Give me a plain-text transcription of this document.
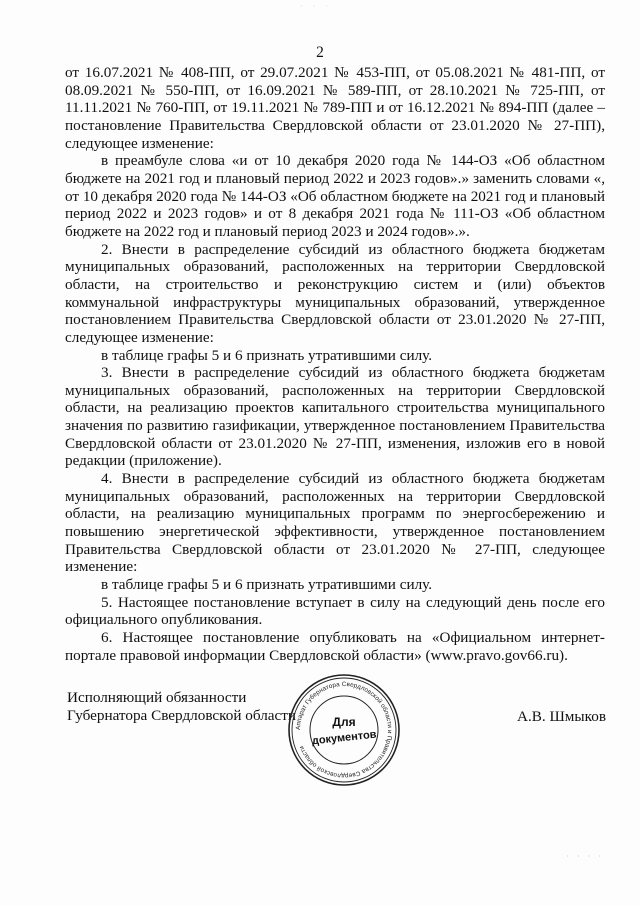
· · ·
2

от 16.07.2021 № 408-ПП, от 29.07.2021 № 453-ПП, от 05.08.2021 № 481-ПП, от 08.09.2021 № 550-ПП, от 16.09.2021 № 589-ПП, от 28.10.2021 № 725-ПП, от 11.11.2021 № 760-ПП, от 19.11.2021 № 789-ПП и от 16.12.2021 № 894-ПП (далее – постановление Правительства Свердловской области от 23.01.2020 № 27-ПП), следующее изменение:

в преамбуле слова «и от 10 декабря 2020 года № 144-ОЗ «Об областном бюджете на 2021 год и плановый период 2022 и 2023 годов».» заменить словами «, от 10 декабря 2020 года № 144-ОЗ «Об областном бюджете на 2021 год и плановый период 2022 и 2023 годов» и от 8 декабря 2021 года № 111-ОЗ «Об областном бюджете на 2022 год и плановый период 2023 и 2024 годов».».

2. Внести в распределение субсидий из областного бюджета бюджетам муниципальных образований, расположенных на территории Свердловской области, на строительство и реконструкцию систем и (или) объектов коммунальной инфраструктуры муниципальных образований, утвержденное постановлением Правительства Свердловской области от 23.01.2020 № 27-ПП, следующее изменение:

в таблице графы 5 и 6 признать утратившими силу.

3. Внести в распределение субсидий из областного бюджета бюджетам муниципальных образований, расположенных на территории Свердловской области, на реализацию проектов капитального строительства муниципального значения по развитию газификации, утвержденное постановлением Правительства Свердловской области от 23.01.2020 № 27-ПП, изменения, изложив его в новой редакции (приложение).

4. Внести в распределение субсидий из областного бюджета бюджетам муниципальных образований, расположенных на территории Свердловской области, на реализацию муниципальных программ по энергосбережению и повышению энергетической эффективности, утвержденное постановлением Правительства Свердловской области от 23.01.2020 № 27-ПП, следующее изменение:

в таблице графы 5 и 6 признать утратившими силу.

5. Настоящее постановление вступает в силу на следующий день после его официального опубликования.

6. Настоящее постановление опубликовать на «Официальном интернет-портале правовой информации Свердловской области» (www.pravo.gov66.ru).

Исполняющий обязанности
Губернатора Свердловской области	А.В. Шмыков
Аппарат Губернатора Свердловской области и Правительства Свердловской области
Для
документов
· · · ·
